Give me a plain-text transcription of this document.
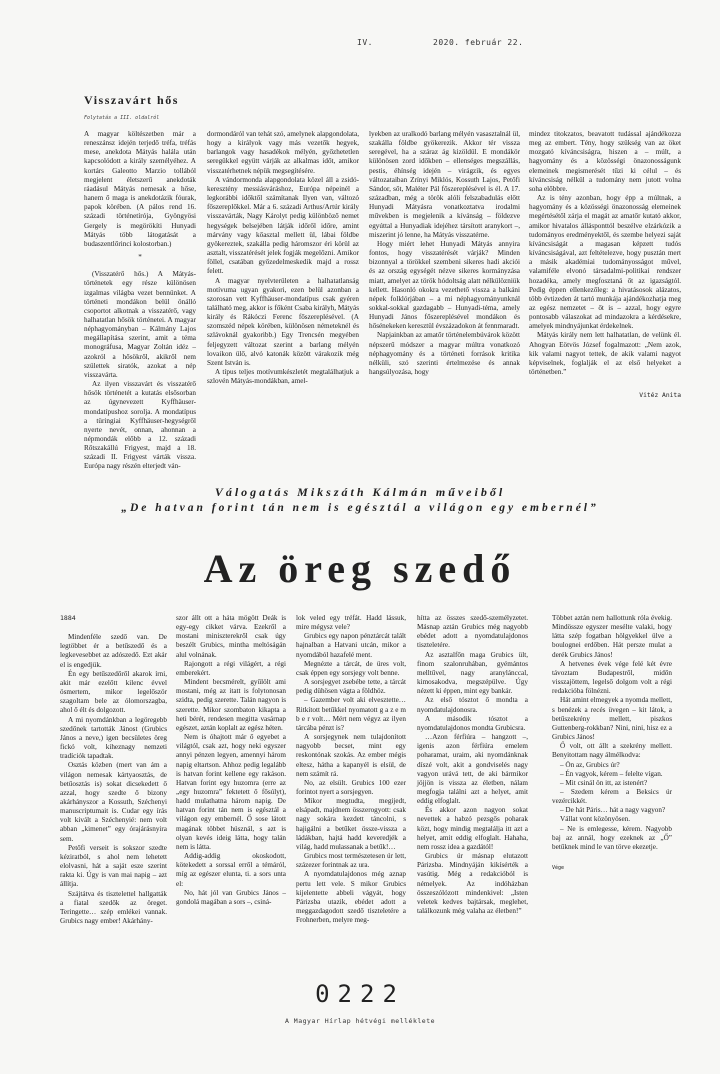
IV.	2020. február 22.
Visszavárt hős
Folytatás a III. oldalról

A magyar költészetben már a reneszánsz idején terjedő tréfa, tréfás mese, anekdota Mátyás halála után kapcsolódott a király személyéhez. A kortárs Galeotto Marzio tollából megjelent életszerű anekdoták ráadásul Mátyás nemesak a hőse, hanem ő maga is anekdotázik fóurak, papok körében. (A pálos rend 16. századi történetírója, Gyöngyösi Gergely is megörökíti Hunyadi Mátyás több látogatását a budaszentlőrinci kolostorban.)

*

(Visszatérő hős.) A Mátyás-történetek egy része különösen izgalmas világba vezet bennünket. A történeti mondákon belül önálló csoportot alkotnak a visszatérő, vagy halhatatlan hősök történetei. A magyar néphagyományban – Kálmány Lajos megállapítása szerint, amit a téma monográfusa, Magyar Zoltán idéz – azokról a hősökről, akikről nem születtek siratók, azokat a nép visszavárta.

Az ilyen visszavárt és visszatérő hősök történetét a kutatás elsősorban az úgynevezett Kyffhäuser-mondatípushoz sorolja. A mondatípus a türingiai Kyffhäuser-hegységről nyerte nevét, onnan, ahonnan a népmondák előbb a 12. századi Rőtszakállú Frigyest, majd a 18. századi II. Frigyest várták vissza. Európa nagy részén elterjedt ván-

dormondáról van tehát szó, amelynek alapgondolata, hogy a királyok vagy más vezetők hegyek, barlangok vagy hasadékok mélyén, győzhetetlen seregükkel együtt várják az alkalmas időt, amikor visszatérhetnek népük megsegítésére.

A vándormonda alapgondolata közel áll a zsidó-keresztény messiásváráshoz, Európa népeinél a legkorábbi időktől számítanak Ilyen van, változó főszereplőkkel. Már a 6. századi Arthus/Artúr király visszavárták, Nagy Károlyt pedig különböző nemet hegységek belsejében látják időről időre, amint márvány vagy kőasztal mellett ül, lábai földbe gyökereztek, szakálla pedig háromszor éri körül az asztalt, visszatérését jelek fogják megelőzni. Amikor föllel, csatában győzedelmeskedik majd a rossz felett.

A magyar nyelvterületen a halhatatlanság motívuma ugyan gyakori, ezen belül azonban a szorosan vett Kyffhäuser-mondatípus csak gyéren található meg, akkor is főként Csaba királyh, Mátyás király és Rákóczi Ferenc főszereplésével. (A szomszéd népek körében, különösen németeknél és szlávoknál gyakoribb.) Egy Trencsén megyében feljegyzett változat szerint a barlang mélyén lovaikon ülő, alvó katonák között várakozik még Szent István is.

A típus teljes motívumkészletét megtalálhatjuk a szlovén Mátyás-mondákban, amel-

lyekben az uralkodó barlang mélyén vasasztalnál ül, szakálla földbe gyökerezik. Akkor tér vissza seregével, ha a száraz ág kizöldül. E mondákör különösen zord időkben – ellenséges megszállás, pestis, éhínség idején – virágzik, és egyes változataiban Zrínyi Miklós, Kossuth Lajos, Petőfi Sándor, sőt, Maléter Pál főszereplésével is él. A 17. században, még a török alóli felszabadulás előtt Hunyadi Mátyásra vonatkoztatva irodalmi művekben is megjelenik a kívánság – földezve egyúttal a Hunyadiak idejéhez társított aranykort –, miszerint jó lenne, ha Mátyás visszatérne.

Hogy miért lehet Hunyadi Mátyás annyira fontos, hogy visszatérését várják? Minden bizonnyal a törökkel szembeni sikeres hadi akciói és az ország egységét nézve sikeres kormányzása miatt, amelyet az török hódoltság alatt nélkülözniük kellett. Hasonló okokra vezethető vissza a balkáni népek folklórjában – a mi néphagyományunknál sokkal-sokkal gazdagabb – Hunyadi-téma, amely Hunyadi János főszereplésével mondákon és hősénekeken keresztül évszázadokon át fennmaradt.

Napjainkban az amatőr történelembúvárok között népszerű módszer a magyar múltra vonatkozó néphagyomány és a történeti források kritika nélküli, szó szerinti értelmezése és annak hangsúlyozása, hogy

mindez titokzatos, beavatott tudással ajándékozza meg az embert. Tény, hogy szükség van az öket mozgató kíváncsiságra, hiszen a – múlt, a hagyomány és a közösségi önazonosságunk elemeinek megismerését tűzi ki célul – és kíváncsiság nélkül a tudomány nem jutott volna soha előbbre.

Az is tény azonban, hogy épp a múltnak, a hagyomány és a közösségi önazonosság elemeinek megértésétől zárja el magát az amatőr kutató akkor, amikor hivatalos állásponttól beszélve elzárkózik a tudományos eredményektől, és szembe helyezi saját kíváncsiságát a magasan képzett tudós kíváncsiságával, azt feltételezve, hogy pusztán mert a másik akadémiai tudományosságot művel, valamiféle elvonó társadalmi-politikai rendszer hozadéka, amely megfosztaná őt az igazságtól. Pedig éppen ellenkezőleg: a hivatásosok alázatos, több évtizeden át tartó munkája ajándékozhatja meg az egész nemzetet – őt is – azzal, hogy egyre pontosabb válaszokat ad mindazokra a kérdésekre, amelyek mindnyájunkat érdekelnek.

Mátyás király nem lett halhatatlan, de velünk él. Ahogyan Eötvös József fogalmazott: „Nem azok, kik valami nagyot tettek, de akik valami nagyot képviselnek, foglalják el az első helyeket a történetben.”

Vitéz Anita

Válogatás Mikszáth Kálmán műveiből
„De hatvan forint tán nem is egésztál a világon egy embernél”
Az öreg szedő

1884

Mindenféle szedő van. De legtöbbet ér a betűszedő és a legkevesebbet az adószedő. Ezt akár el is engedjük.

Én egy betűszedőről akarok írni, akit már ezelőtt kilenc évvel ösmertem, mikor legelőször szagoltam bele az ólomorszagba, ahol ő élt és dolgozott.

A mi nyomdánkban a legöregebb szedőnek tartották Jánost (Grubics János a neve,) igen becsületes öreg fickó volt, kiheznagy nemzeti tradíciók tapadtak.

Osztás közben (mert van ám a világon nemesak kártyaosztás, de betűosztás is) sokat dicsekedett ő azzal, hogy szedte ő bizony akárhányszor a Kossuth, Széchenyi manuscriptumait is. Cudar egy írás volt kivált a Széchenyié: nem volt abban „kimenet” egy órajárásnyira sem.

Petőfi verseit is sokszor szedte kéziratból, s ahol nem lehetett elolvasni, hát a saját esze szerint rakta ki. Úgy is van mai napig – azt állítja.

Szájtátva és tisztelettel hallgatták a fiatal szedők az öreget. Teringette… szép emlékei vannak. Grubics nagy ember! Akárhány-

szor állt ott a háta mögött Deák is egy-egy cikket várva. Ezekről a mostani miniszterekről csak úgy beszélt Grubics, mintha meltóságán alul volnának.

Rajongott a régi világért, a régi emberekért.

Mindent becsmérelt, gyűlölt ami mostani, még az itatt is folytonosan szidta, pedig szerette. Talán nagyon is szerette. Mikor szombaton kikapta a heti bérét, rendesen megitta vasárnap egészet, aztán koplalt az egész héten.

Nem is óhajtott már ő egyebet a világtól, csak azt, hogy neki egyszer annyi pénzen legyen, amennyi három napig eltartson. Ahhoz pedig legalább is hatvan forint kellene egy rakáson. Hatvan forint egy huzomra (erre az „egy huzomra” fektetett ő fősúlyt), hadd mulathatna három napig. De hatvan forint tán nem is egésztál a világon egy embernél. Ő sose látott magának többet húsznál, s azt is olyan kevés ideig látta, hogy talán nem is látta.

Addig-addig okoskodott, kötekedett a sorssal erről a témáról, míg az egészer elunta, ti. a sors unta el:

No, hát jól van Grubics János – gondolá magában a sors –, csiná-

lok veled egy tréfát. Hadd lássuk, mire mégysz vele?

Grubics egy napon pénztárcát talált hajnalban a Hatvani utcán, mikor a nyomdából hazafelé ment.

Megnézte a tárcát, de üres volt, csak éppen egy sorsjegy volt benne.

A sorsjegyet zsebébe tette, a tárcát pedig dühösen vágta a földhöz.

– Gazember volt aki elvesztette… Ritkított betűkkel nyomatott g a z e m b e r volt… Mért nem végyz az ilyen tárcába pénzt is?

A sorsjegynek nem tulajdonított nagyobb becset, mint egy reskontónak szokás. Az ember mégis eltesz, hátha a kapanyél is elsül, de nem számít rá.

No, az elsült. Grubics 100 ezer forintot nyert a sorsjegyen.

Mikor megtudta, megijedt, elsápadt, majdnem összerogyott: csak nagy sokára kezdett táncolni, s hajigálni a betűket össze-vissza a ládákban, hajtá hadd keveredjék a világ, hadd mulassanak a betűk!…

Grubics most természetesen úr lett, százezer forintnak az ura.

A nyomdatulajdonos még aznap pertu lett vele. S mikor Grubics kijelentette abbeli vágyát, hogy Párizsba utazik, ebédet adott a meggazdagodott szedő tiszteletére a Frohnerben, melyre meg-

hítta az összes szedő-személyzetet. Másnap aztán Grubics még nagyobb ebédet adott a nyomdatulajdonos tiszteletére.

Az asztalfőn maga Grubics ült, finom szalonruhában, gyémántos melltűvel, nagy aranylánccal, kimosakodva, megszépülve. Úgy nézett ki éppen, mint egy bankár.

Az első tósztot ő mondta a nyomdatulajdonosra.

A második tósztot a nyomdatulajdonos mondta Grubicsra.

…Azon férfiúra – hangzott –, igenis azon férfiúra emelem poharamat, uraim, aki nyomdánknak díszé volt, akit a gondviselés nagy vagyon urává tett, de aki bármikor jöjjön is vissza az életben, nálam megfogja találni azt a helyet, amit eddig elfoglalt.

És akkor azon nagyon sokat nevettek a habzó pezsgős poharak közt, hogy mindig megtalálja itt azt a helyet, amit eddig elfoglalt. Hahaha, nem rossz idea a gazdától!

Grubics úr másnap elutazott Párizsba. Mindnyáján kikísérték a vasútig. Még a redakcióból is némelyek. Az indóházban összeszólózott mindenkivel: „Isten veletek kedves bajtársak, meglehet, találkozunk még valaha az életben!”

Többet aztán nem hallottunk róla évekig. Mindössze egyszer mesélte valaki, hogy látta szép fogatban hölgyekkel ülve a boulognei erdőben. Hát persze mulat a derék Grubics János!

A hetvenes évek vége felé két évre távoztam Budapestről, midőn visszajöttem, legelső dolgom volt a régi redakcióba fölnézni.

Hát amint elmegyek a nyomda mellett, s benézek a recés üvegen – kit látok, a betűszekrény mellett, piszkos Guttenberg-rokkban? Nini, nini, hisz ez a Grubics János!

Ő volt, ott állt a szekrény mellett. Benyitottam nagy álmélkodva:

– Ön az, Grubics úr?

– Én vagyok, kérem – felelte vígan.

– Mit csinál ön itt, az istenért?

– Szedem kérem a Beksics úr vezércikkét.

– De hát Páris… hát a nagy vagyon?

Vállat vont közönyösen.

– Ne is emlegesse, kérem. Nagyobb baj az annál, hogy ezeknek az „Ő” betűknek mind le van törve ekezetje.

Vége

0222
A Magyar Hírlap hétvégi melléklete
